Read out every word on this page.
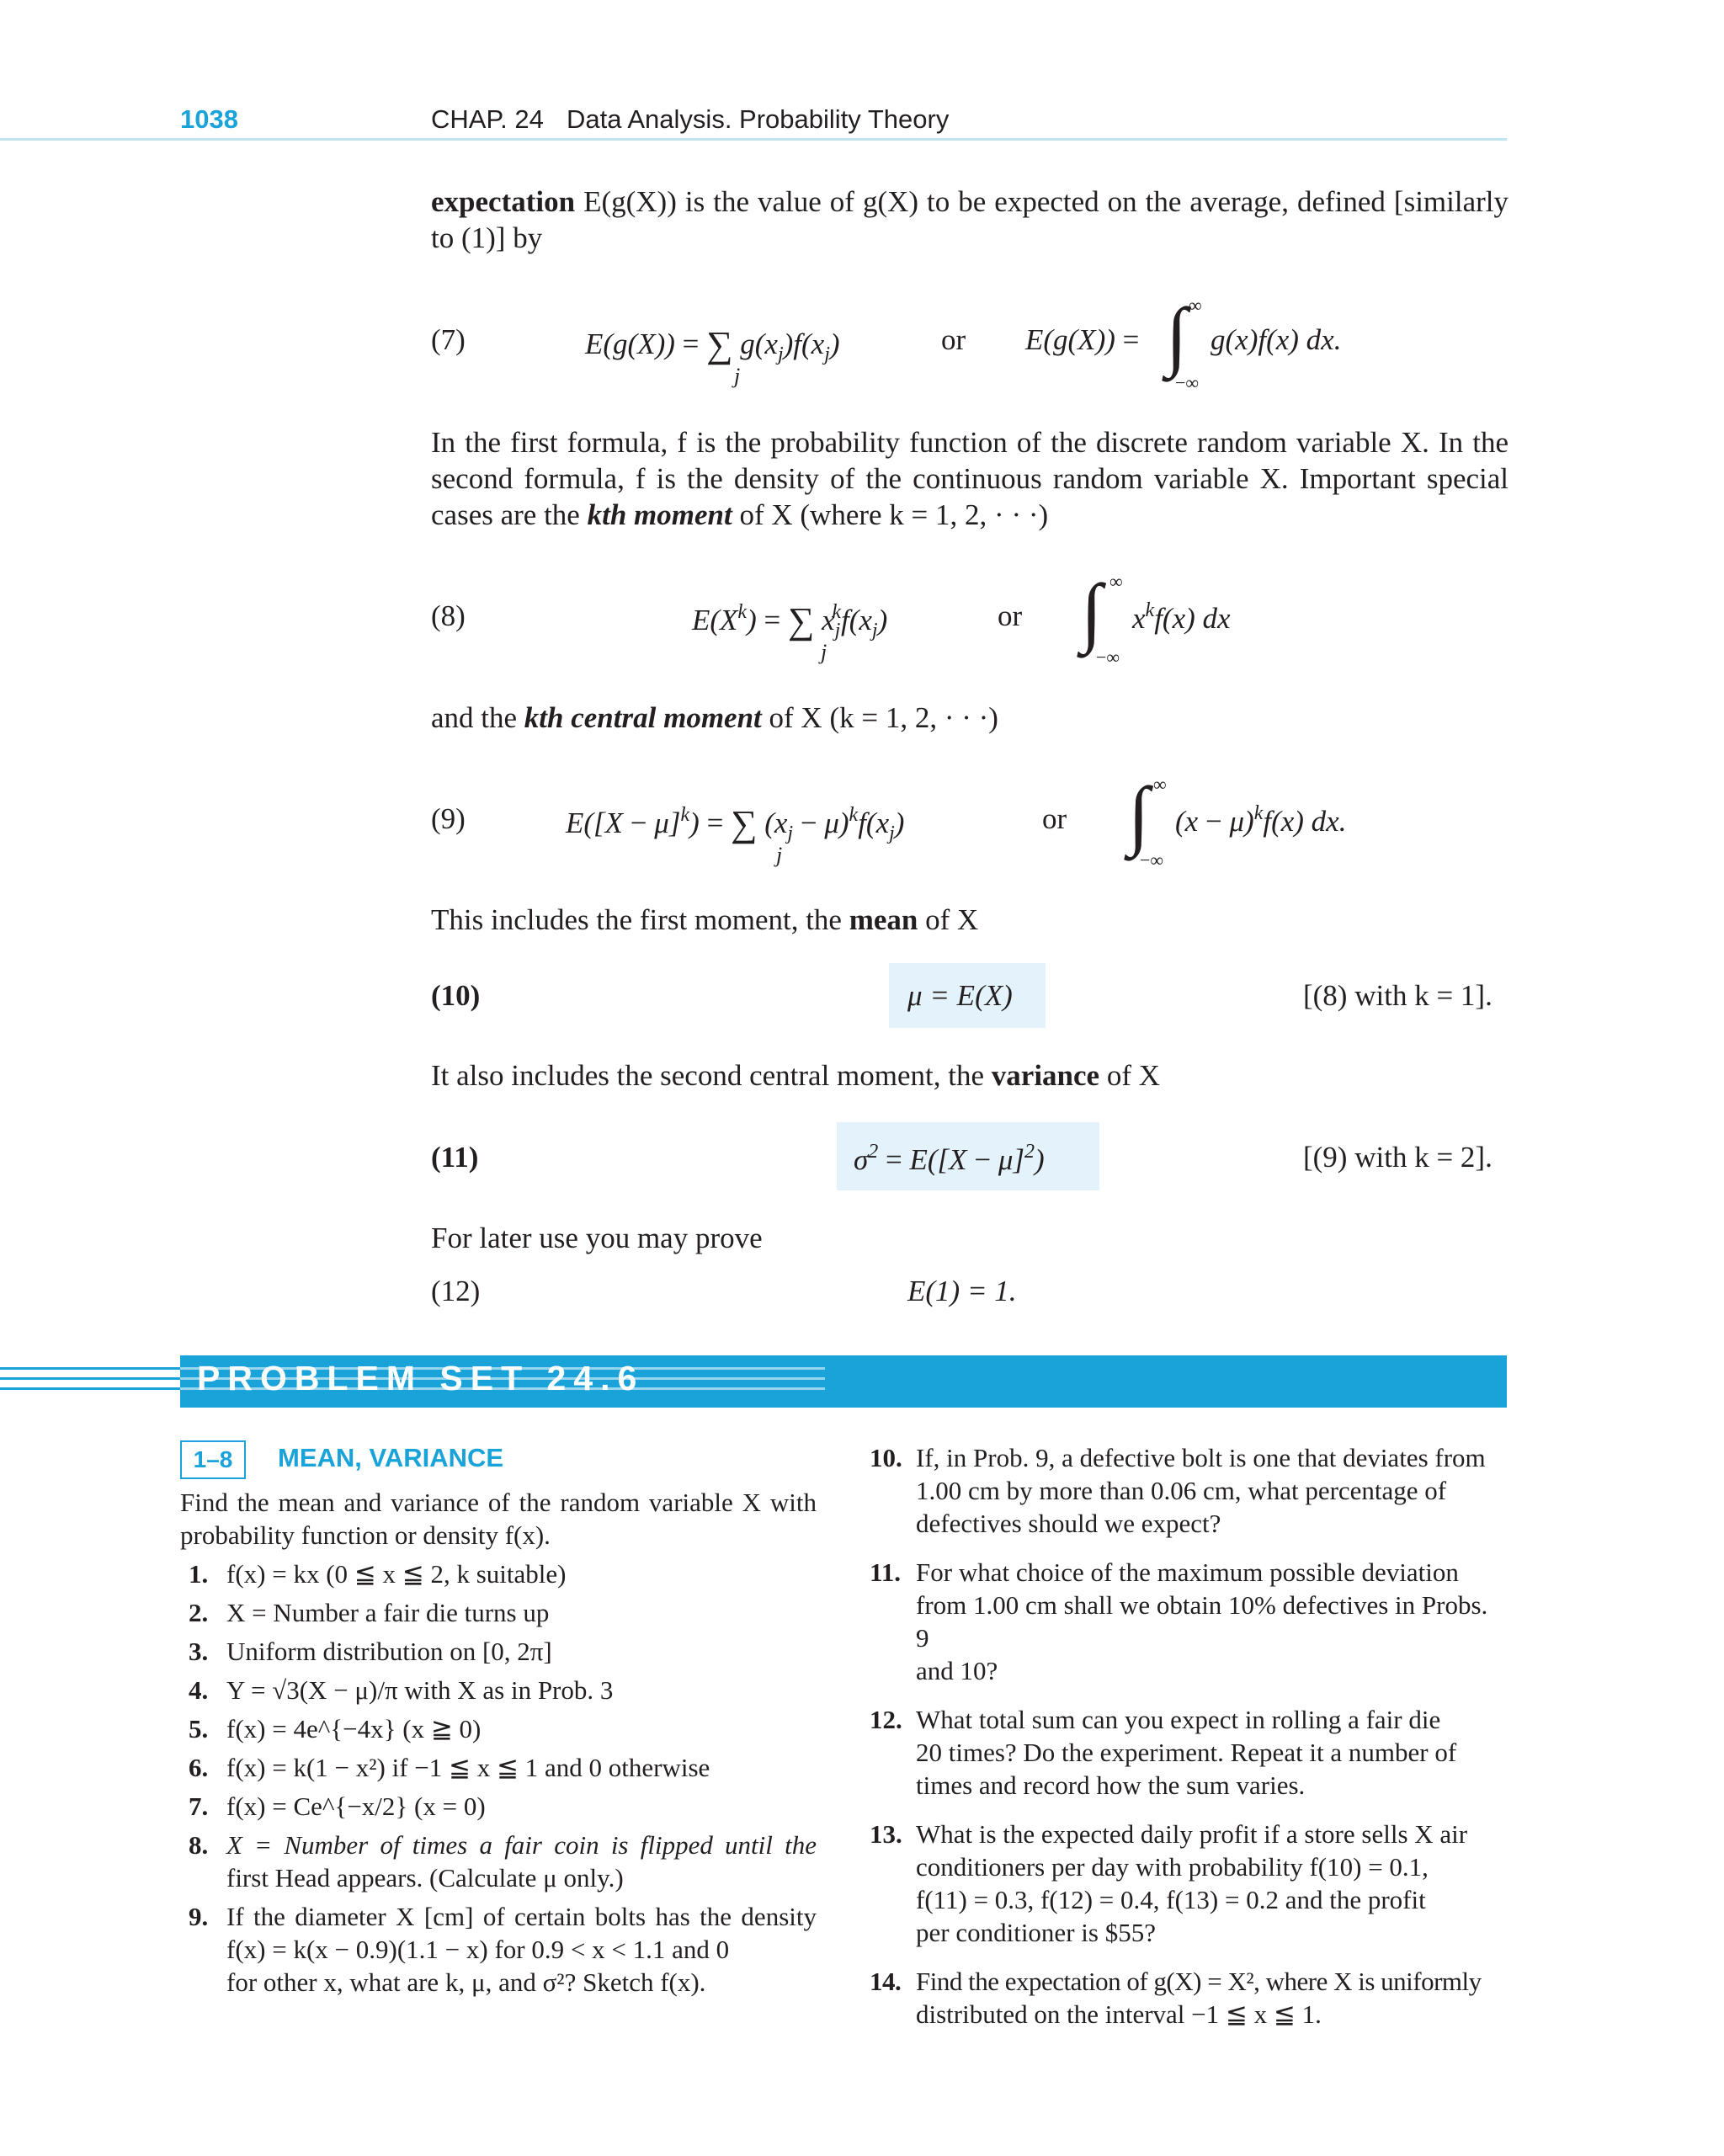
1038	CHAP. 24 Data Analysis. Probability Theory
expectation E(g(X)) is the value of g(X) to be expected on the average, defined [similarly
to (1)] by
(7)	E(g(X)) = ∑ $g(x_j)f(x_j)$
j
or E(g(X)) = ∫ ∞
−∞
g(x)f(x) dx.
In the first formula, f is the probability function of the discrete random variable X. In the
second formula, f is the density of the continuous random variable X. Important special
cases are the kth moment of X (where k = 1, 2, · · ·)
(8)	$E(X^k)$ = ∑ $x_j^kf(x_j)$
j
or ∫ ∞
−∞
$x^kf(x)$ dx
and the kth central moment of X (k = 1, 2, · · ·)
(9)	$E([X - \mu]^k)$ = ∑ $(x_j - \mu)^kf(x_j)$
j
or ∫ ∞
−∞
$(x - \mu)^kf(x)$ dx.
This includes the first moment, the mean of X
(10)	μ = E(X)	[(8) with k = 1].
It also includes the second central moment, the variance of X
(11)	$\sigma^2 = E([X - \mu]^2)$	[(9) with k = 2].
For later use you may prove
(12)	E(1) = 1.
PROBLEM SET 24.6
1–8	MEAN, VARIANCE
Find the mean and variance of the random variable X with
probability function or density f(x).
1. f(x) = kx (0 ≦ x ≦ 2, k suitable)
2. X = Number a fair die turns up
3. Uniform distribution on [0, 2π]
4. Y = √3(X − μ)/π with X as in Prob. 3
5. f(x) = 4e^{−4x} (x ≧ 0)
6. f(x) = k(1 − x²) if −1 ≦ x ≦ 1 and 0 otherwise
7. f(x) = Ce^{−x/2} (x = 0)
8. X = Number of times a fair coin is flipped until the
first Head appears. (Calculate μ only.)
9. If the diameter X [cm] of certain bolts has the density
f(x) = k(x − 0.9)(1.1 − x) for 0.9 < x < 1.1 and 0
for other x, what are k, μ, and σ²? Sketch f(x).
10. If, in Prob. 9, a defective bolt is one that deviates from
1.00 cm by more than 0.06 cm, what percentage of
defectives should we expect?
11. For what choice of the maximum possible deviation
from 1.00 cm shall we obtain 10% defectives in Probs. 9
and 10?
12. What total sum can you expect in rolling a fair die
20 times? Do the experiment. Repeat it a number of
times and record how the sum varies.
13. What is the expected daily profit if a store sells X air
conditioners per day with probability f(10) = 0.1,
f(11) = 0.3, f(12) = 0.4, f(13) = 0.2 and the profit
per conditioner is $55?
14. Find the expectation of g(X) = X², where X is uniformly
distributed on the interval −1 ≦ x ≦ 1.
